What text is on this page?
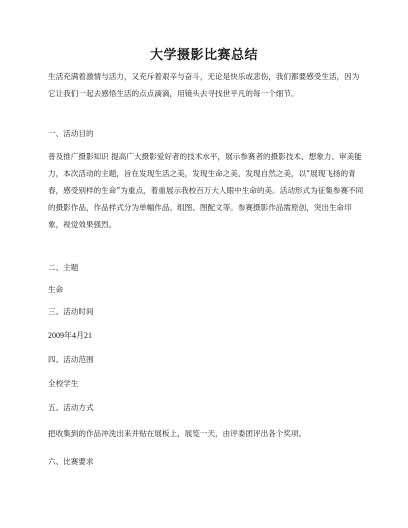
大学摄影比赛总结

生活充满着激情与活力，又充斥着艰辛与奋斗，无论是快乐或悲伤，我们都要感受生活，因为它让我们一起去感悟生活的点点滴滴，用镜头去寻找世平凡的每一个细节。

一、活动目的

普及推广摄影知识 提高广大摄影爱好者的技术水平，展示参赛者的摄影技术、想象力、审美能力，本次活动的主题，旨在发现生活之美，发现生命之美，发现自然之美，以“展现飞扬的青春，感受别样的生命”为重点，着重展示我校百万大人眼中生命的美。活动形式为征集参赛不同的摄影作品，作品样式分为单幅作品、组图、图配文等。参赛摄影作品需原创，突出生命印象，视觉效果强烈。

二、主题
生命
三、活动时间
2009年4月21
四、活动范围
全校学生
五、活动方式
把收集到的作品冲洗出来并贴在展板上，展览一天，由评委团评出各个奖项。
六、比赛要求
